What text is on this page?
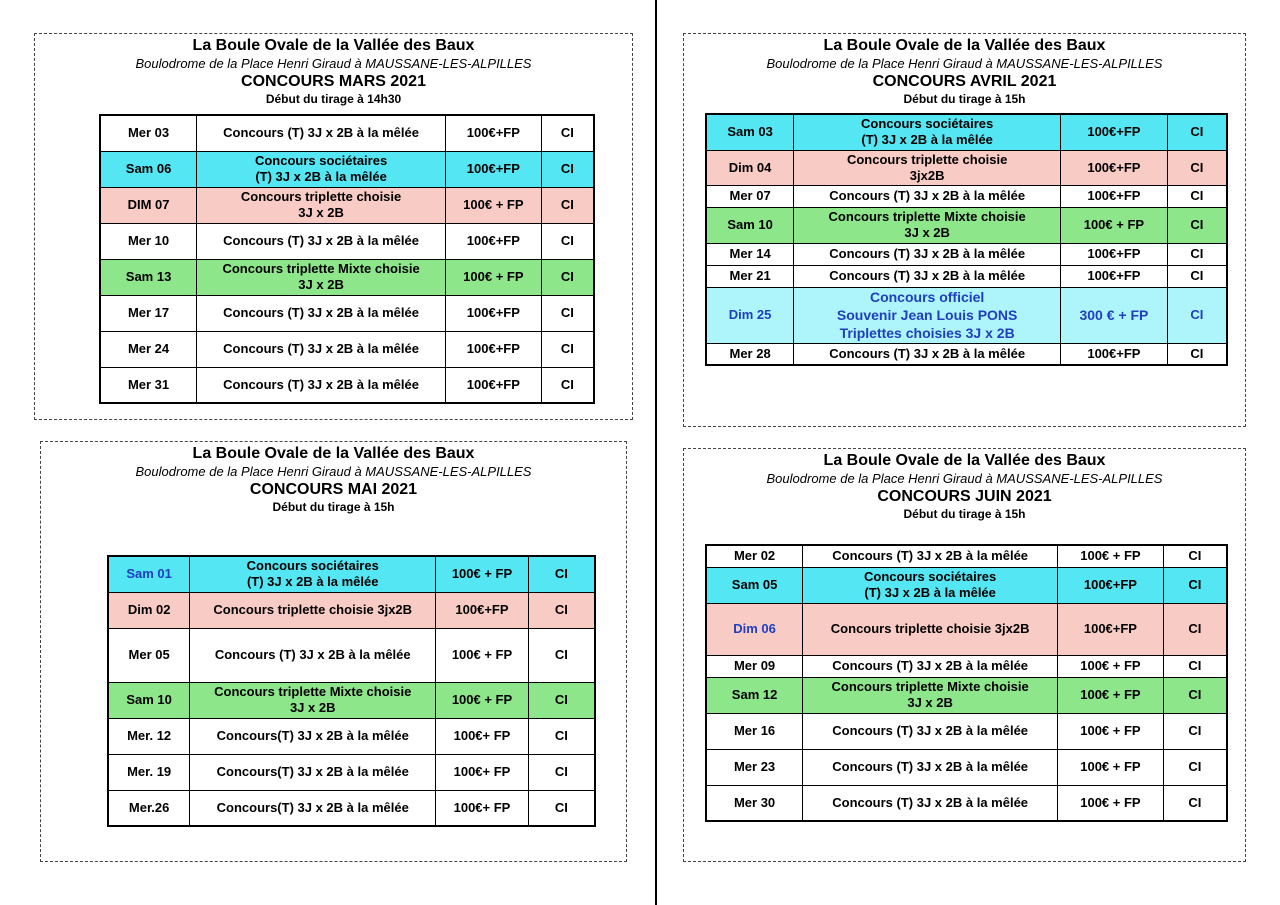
La Boule Ovale de la Vallée des Baux
Boulodrome de la Place Henri Giraud à MAUSSANE-LES-ALPILLES
CONCOURS MARS 2021
Début du tirage à 14h30
Mer 03	Concours (T) 3J x 2B à la mêlée	100€+FP	CI
Sam 06	Concours sociétaires
(T) 3J x 2B à la mêlée	100€+FP	CI
DIM 07	Concours triplette choisie
3J x 2B	100€ + FP	CI
Mer 10	Concours (T) 3J x 2B à la mêlée	100€+FP	CI
Sam 13	Concours triplette Mixte choisie
3J x 2B	100€ + FP	CI
Mer 17	Concours (T) 3J x 2B à la mêlée	100€+FP	CI
Mer 24	Concours (T) 3J x 2B à la mêlée	100€+FP	CI
Mer 31	Concours (T) 3J x 2B à la mêlée	100€+FP	CI
La Boule Ovale de la Vallée des Baux
Boulodrome de la Place Henri Giraud à MAUSSANE-LES-ALPILLES
CONCOURS AVRIL 2021
Début du tirage à 15h
Sam 03	Concours sociétaires
(T) 3J x 2B à la mêlée	100€+FP	CI
Dim 04	Concours triplette choisie
3jx2B	100€+FP	CI
Mer 07	Concours (T) 3J x 2B à la mêlée	100€+FP	CI
Sam 10	Concours triplette Mixte choisie
3J x 2B	100€ + FP	CI
Mer 14	Concours (T) 3J x 2B à la mêlée	100€+FP	CI
Mer 21	Concours (T) 3J x 2B à la mêlée	100€+FP	CI
Dim 25	Concours officiel
Souvenir Jean Louis PONS
Triplettes choisies 3J x 2B	300 € + FP	CI
Mer 28	Concours (T) 3J x 2B à la mêlée	100€+FP	CI
La Boule Ovale de la Vallée des Baux
Boulodrome de la Place Henri Giraud à MAUSSANE-LES-ALPILLES
CONCOURS MAI 2021
Début du tirage à 15h
Sam 01	Concours sociétaires
(T) 3J x 2B à la mêlée	100€ + FP	CI
Dim 02	Concours triplette choisie 3jx2B	100€+FP	CI
Mer 05	Concours (T) 3J x 2B à la mêlée	100€ + FP	CI
Sam 10	Concours triplette Mixte choisie
3J x 2B	100€ + FP	CI
Mer. 12	Concours(T) 3J x 2B à la mêlée	100€+ FP	CI
Mer. 19	Concours(T) 3J x 2B à la mêlée	100€+ FP	CI
Mer.26	Concours(T) 3J x 2B à la mêlée	100€+ FP	CI
La Boule Ovale de la Vallée des Baux
Boulodrome de la Place Henri Giraud à MAUSSANE-LES-ALPILLES
CONCOURS JUIN 2021
Début du tirage à 15h
Mer 02	Concours (T) 3J x 2B à la mêlée	100€ + FP	CI
Sam 05	Concours sociétaires
(T) 3J x 2B à la mêlée	100€+FP	CI
Dim 06	Concours triplette choisie 3jx2B	100€+FP	CI
Mer 09	Concours (T) 3J x 2B à la mêlée	100€ + FP	CI
Sam 12	Concours triplette Mixte choisie
3J x 2B	100€ + FP	CI
Mer 16	Concours (T) 3J x 2B à la mêlée	100€ + FP	CI
Mer 23	Concours (T) 3J x 2B à la mêlée	100€ + FP	CI
Mer 30	Concours (T) 3J x 2B à la mêlée	100€ + FP	CI
